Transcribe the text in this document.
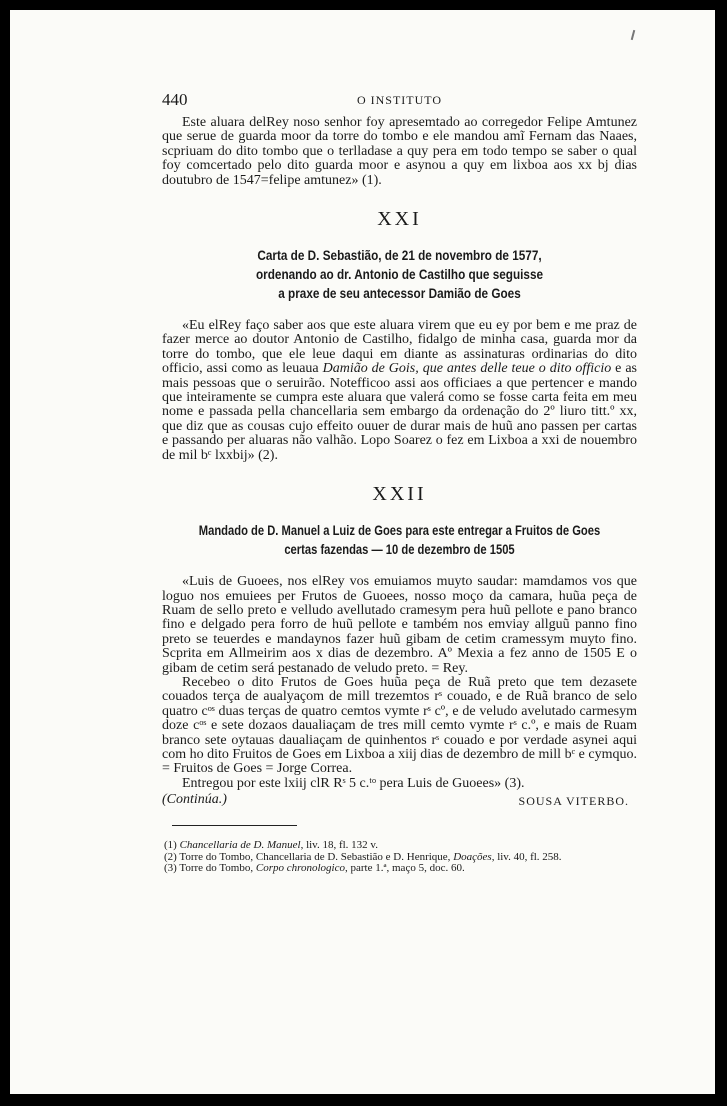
440	O INSTITUTO

Este aluara delRey noso senhor foy apresemtado ao corregedor Felipe Amtunez que serue de guarda moor da torre do tombo e ele mandou amĩ Fernam das Naaes, scpriuam do dito tombo que o terlladase a quy pera em todo tempo se saber o qual foy comcertado pelo dito guarda moor e asynou a quy em lixboa aos xx bj dias doutubro de 1547=felipe amtunez» (1).

XXI
Carta de D. Sebastião, de 21 de novembro de 1577,
ordenando ao dr. Antonio de Castilho que seguisse
a praxe de seu antecessor Damião de Goes

«Eu elRey faço saber aos que este aluara virem que eu ey por bem e me praz de fazer merce ao doutor Antonio de Castilho, fidalgo de minha casa, guarda mor da torre do tombo, que ele leue daqui em diante as assinaturas ordinarias do dito officio, assi como as leuaua Damião de Gois, que antes delle teue o dito officio e as mais pessoas que o seruirão. Notefficoo assi aos officiaes a que pertencer e mando que inteiramente se cumpra este aluara que valerá como se fosse carta feita em meu nome e passada pella chancellaria sem embargo da ordenação do 2º liuro titt.º xx, que diz que as cousas cujo effeito ouuer de durar mais de huũ ano passen per cartas e passando per aluaras não valhão. Lopo Soarez o fez em Lixboa a xxi de nouembro de mil bᶜ lxxbij» (2).

XXII
Mandado de D. Manuel a Luiz de Goes para este entregar a Fruitos de Goes
certas fazendas — 10 de dezembro de 1505

«Luis de Guoees, nos elRey vos emuiamos muyto saudar: mamdamos vos que loguo nos emuiees per Frutos de Guoees, nosso moço da camara, huũa peça de Ruam de sello preto e velludo avellutado cramesym pera huũ pellote e pano branco fino e delgado pera forro de huũ pellote e também nos emviay allguũ panno fino preto se teuerdes e mandaynos fazer huũ gibam de cetim cramessym muyto fino. Scprita em Allmeirim aos x dias de dezembro. Aº Mexia a fez anno de 1505 E o gibam de cetim será pestanado de veludo preto. = Rey.

Recebeo o dito Frutos de Goes huũa peça de Ruã preto que tem dezasete couados terça de aualyaçom de mill trezemtos rˢ couado, e de Ruã branco de selo quatro cᵒˢ duas terças de quatro cemtos vymte rˢ cº, e de veludo avelutado carmesym doze cᵒˢ e sete dozaos daualiaçam de tres mill cemto vymte rˢ c.º, e mais de Ruam branco sete oytauas daualiaçam de quinhentos rˢ couado e por verdade asynei aqui com ho dito Fruitos de Goes em Lixboa a xiij dias de dezembro de mill bᶜ e cymquo. = Fruitos de Goes = Jorge Correa.

Entregou por este lxiij clR Rˢ 5 c.ᵗᵒ pera Luis de Guoees» (3).

(Continúa.)	SOUSA VITERBO.

(1) Chancellaria de D. Manuel, liv. 18, fl. 132 v.

(2) Torre do Tombo, Chancellaria de D. Sebastião e D. Henrique, Doações, liv. 40, fl. 258.

(3) Torre do Tombo, Corpo chronologico, parte 1.ª, maço 5, doc. 60.
